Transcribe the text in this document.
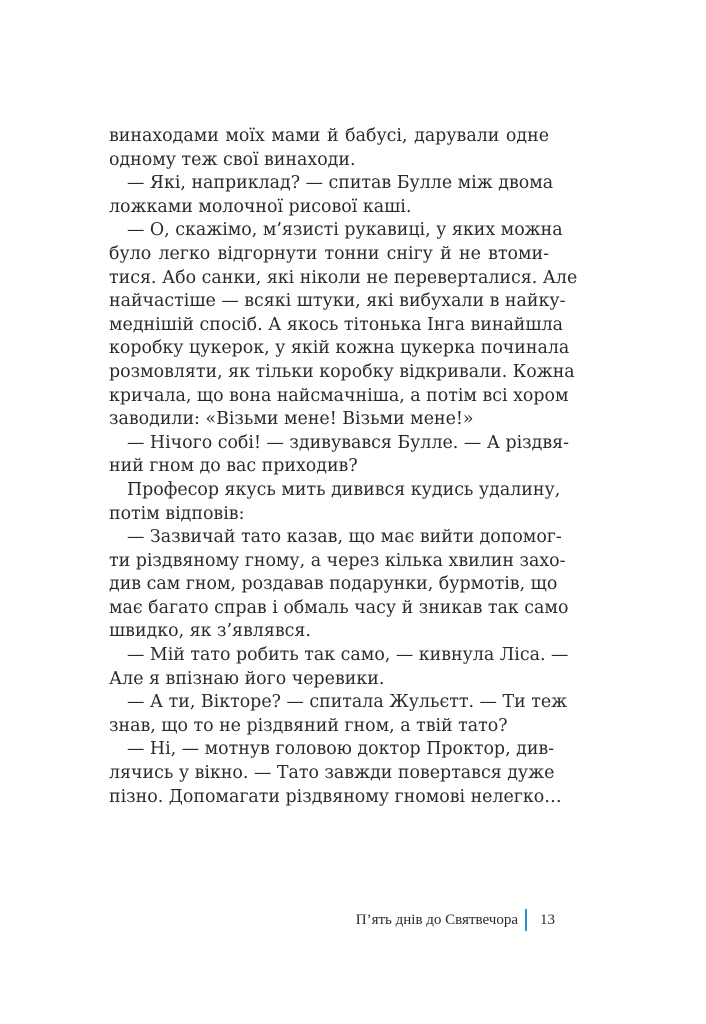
винаходами моїх мами й бабусі, дарували одне
одному теж свої винаходи.
— Які, наприклад? — спитав Булле між двома
ложками молочної рисової каші.
— О, скажімо, м’язисті рукавиці, у яких можна
було легко відгорнути тонни снігу й не втоми-
тися. Або санки, які ніколи не переверталися. Але
найчастіше — всякі штуки, які вибухали в найку-
меднішій спосіб. А якось тітонька Інга винайшла
коробку цукерок, у якій кожна цукерка починала
розмовляти, як тільки коробку відкривали. Кожна
кричала, що вона найсмачніша, а потім всі хором
заводили: «Візьми мене! Візьми мене!»
— Нічого собі! — здивувався Булле. — А різдвя-
ний гном до вас приходив?
Професор якусь мить дивився кудись удалину,
потім відповів:
— Зазвичай тато казав, що має вийти допомог-
ти різдвяному гному, а через кілька хвилин захо-
див сам гном, роздавав подарунки, бурмотів, що
має багато справ і обмаль часу й зникав так само
швидко, як з’являвся.
— Мій тато робить так само, — кивнула Ліса. —
Але я впізнаю його черевики.
— А ти, Вікторе? — спитала Жульєтт. — Ти теж
знав, що то не різдвяний гном, а твій тато?
— Ні, — мотнув головою доктор Проктор, див-
лячись у вікно. — Тато завжди повертався дуже
пізно. Допомагати різдвяному гномові нелегко…
П’ять днів до Святвечора 13
